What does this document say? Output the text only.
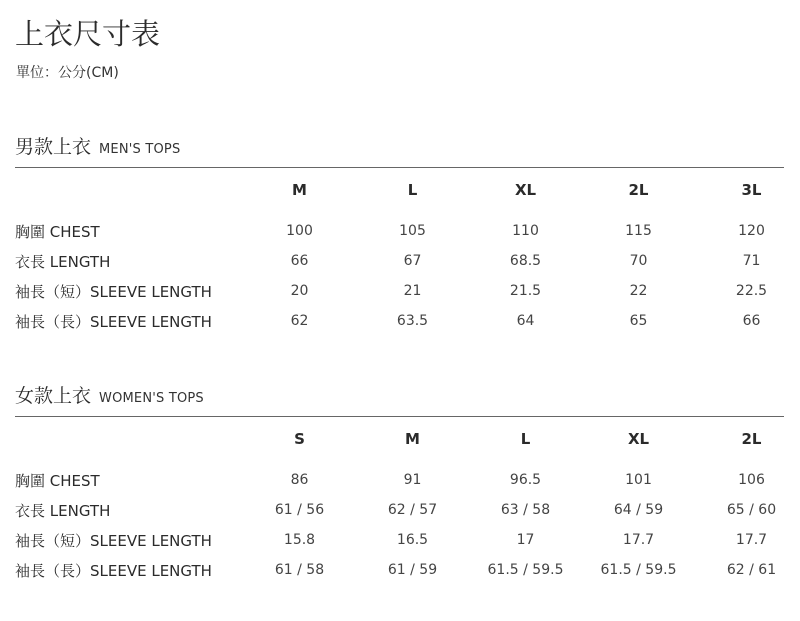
上衣尺寸表
單位：公分(CM)
男款上衣 MEN'S TOPS
	M	L	XL	2L	3L

胸圍 CHEST	100	105	110	115	120
衣長 LENGTH	66	67	68.5	70	71
袖長（短）SLEEVE LENGTH	20	21	21.5	22	22.5
袖長（長）SLEEVE LENGTH	62	63.5	64	65	66
女款上衣 WOMEN'S TOPS
	S	M	L	XL	2L

胸圍 CHEST	86	91	96.5	101	106
衣長 LENGTH	61 / 56	62 / 57	63 / 58	64 / 59	65 / 60
袖長（短）SLEEVE LENGTH	15.8	16.5	17	17.7	17.7
袖長（長）SLEEVE LENGTH	61 / 58	61 / 59	61.5 / 59.5	61.5 / 59.5	62 / 61
